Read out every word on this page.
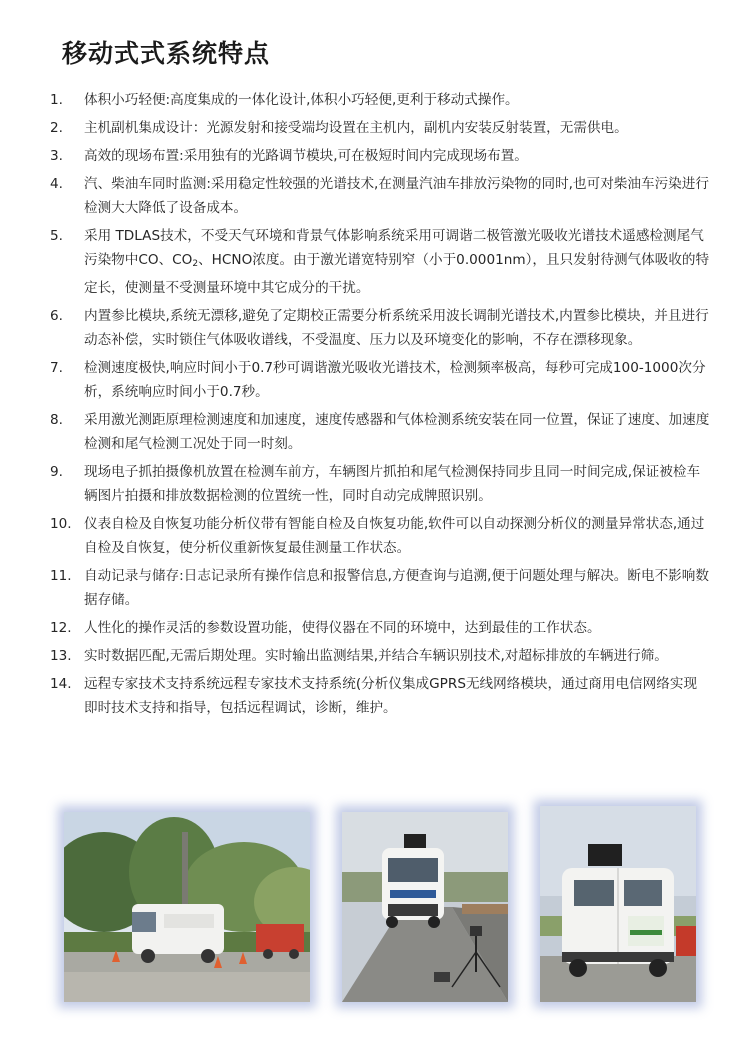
移动式式系统特点
1.	体积小巧轻便:高度集成的一体化设计,体积小巧轻便,更利于移动式操作。
2.	主机副机集成设计：光源发射和接受端均设置在主机内，副机内安装反射装置，无需供电。
3.	高效的现场布置:采用独有的光路调节模块,可在极短时间内完成现场布置。
4.	汽、柴油车同时监测:采用稳定性较强的光谱技术,在测量汽油车排放污染物的同时,也可对柴油车污染进行检测大大降低了设备成本。
5.	采用 TDLAS技术，不受天气环境和背景气体影响系统采用可调谐二极管激光吸收光谱技术遥感检测尾气污染物中CO、$CO_2$、HCNO浓度。由于激光谱宽特别窄（小于0.0001nm），且只发射待测气体吸收的特定长，使测量不受测量环境中其它成分的干扰。
6.	内置参比模块,系统无漂移,避免了定期校正需要分析系统采用波长调制光谱技术,内置参比模块，并且进行动态补偿，实时锁住气体吸收谱线，不受温度、压力以及环境变化的影响，不存在漂移现象。
7.	检测速度极快,响应时间小于0.7秒可调谐激光吸收光谱技术，检测频率极高，每秒可完成100-1000次分析，系统响应时间小于0.7秒。
8.	采用激光测距原理检测速度和加速度，速度传感器和气体检测系统安装在同一位置，保证了速度、加速度检测和尾气检测工况处于同一时刻。
9.	现场电子抓拍摄像机放置在检测车前方，车辆图片抓拍和尾气检测保持同步且同一时间完成,保证被检车辆图片拍摄和排放数据检测的位置统一性，同时自动完成牌照识别。
10. 仪表自检及自恢复功能分析仪带有智能自检及自恢复功能,软件可以自动探测分析仪的测量异常状态,通过自检及自恢复，使分析仪重新恢复最佳测量工作状态。
11. 自动记录与储存:日志记录所有操作信息和报警信息,方便查询与追溯,便于问题处理与解决。断电不影响数据存储。
12. 人性化的操作灵活的参数设置功能，使得仪器在不同的环境中，达到最佳的工作状态。
13. 实时数据匹配,无需后期处理。实时输出监测结果,并结合车辆识别技术,对超标排放的车辆进行筛。
14. 远程专家技术支持系统远程专家技术支持系统(分析仪集成GPRS无线网络模块，通过商用电信网络实现即时技术支持和指导，包括远程调试，诊断，维护。
